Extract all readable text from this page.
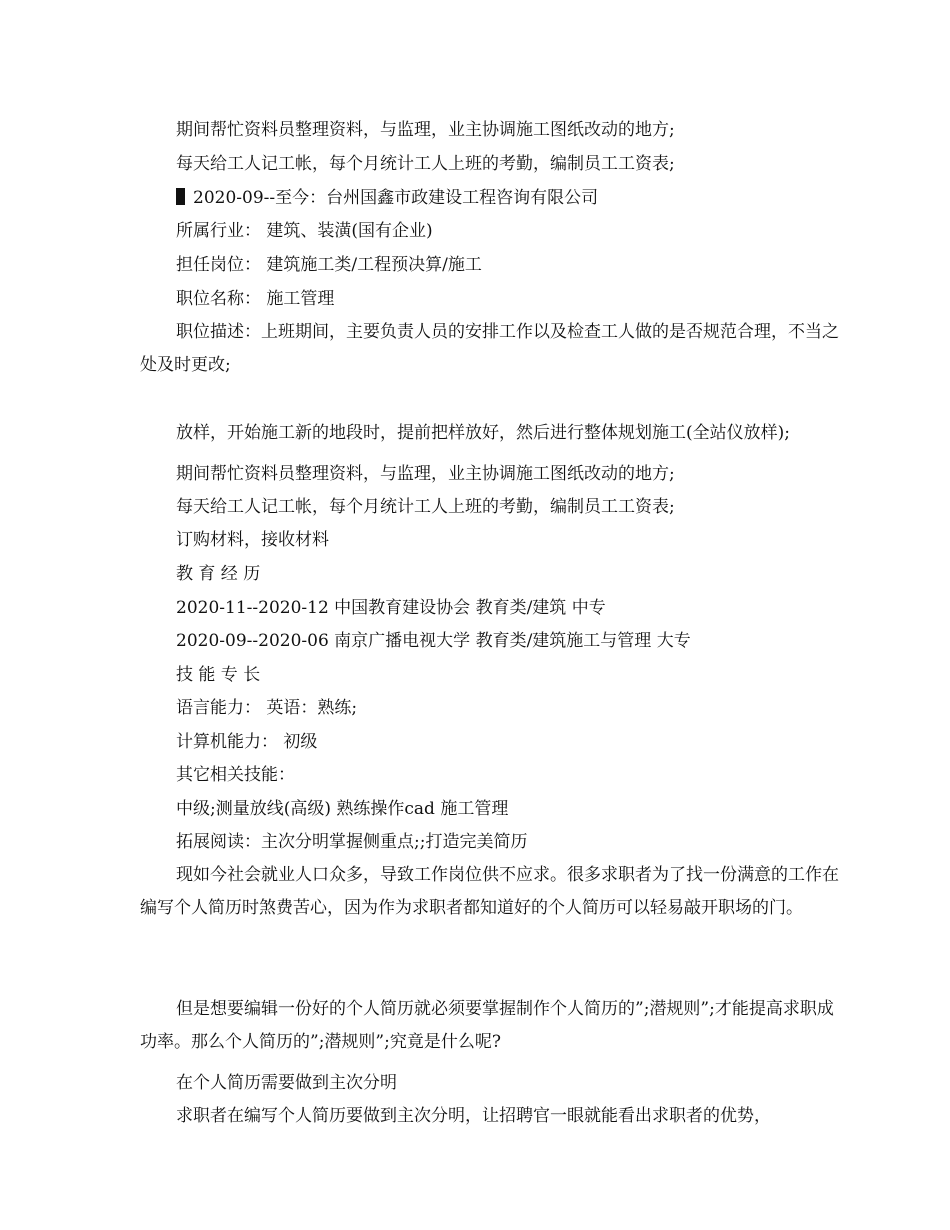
期间帮忙资料员整理资料，与监理，业主协调施工图纸改动的地方;
每天给工人记工帐，每个月统计工人上班的考勤，编制员工工资表;
2020-09--至今：台州国鑫市政建设工程咨询有限公司
所属行业： 建筑、装潢(国有企业)
担任岗位： 建筑施工类/工程预决算/施工
职位名称： 施工管理
职位描述：上班期间，主要负责人员的安排工作以及检查工人做的是否规范合理，不当之处及时更改;
放样，开始施工新的地段时，提前把样放好，然后进行整体规划施工(全站仪放样);
期间帮忙资料员整理资料，与监理，业主协调施工图纸改动的地方;
每天给工人记工帐，每个月统计工人上班的考勤，编制员工工资表;
订购材料，接收材料
教 育 经 历
2020-11--2020-12 中国教育建设协会 教育类/建筑 中专
2020-09--2020-06 南京广播电视大学 教育类/建筑施工与管理 大专
技 能 专 长
语言能力： 英语：熟练;
计算机能力： 初级
其它相关技能：
中级;测量放线(高级) 熟练操作cad 施工管理
拓展阅读：主次分明掌握侧重点;;打造完美简历
现如今社会就业人口众多，导致工作岗位供不应求。很多求职者为了找一份满意的工作在编写个人简历时煞费苦心，因为作为求职者都知道好的个人简历可以轻易敲开职场的门。
但是想要编辑一份好的个人简历就必须要掌握制作个人简历的”;潜规则”;才能提高求职成功率。那么个人简历的”;潜规则”;究竟是什么呢?
在个人简历需要做到主次分明
求职者在编写个人简历要做到主次分明，让招聘官一眼就能看出求职者的优势，
